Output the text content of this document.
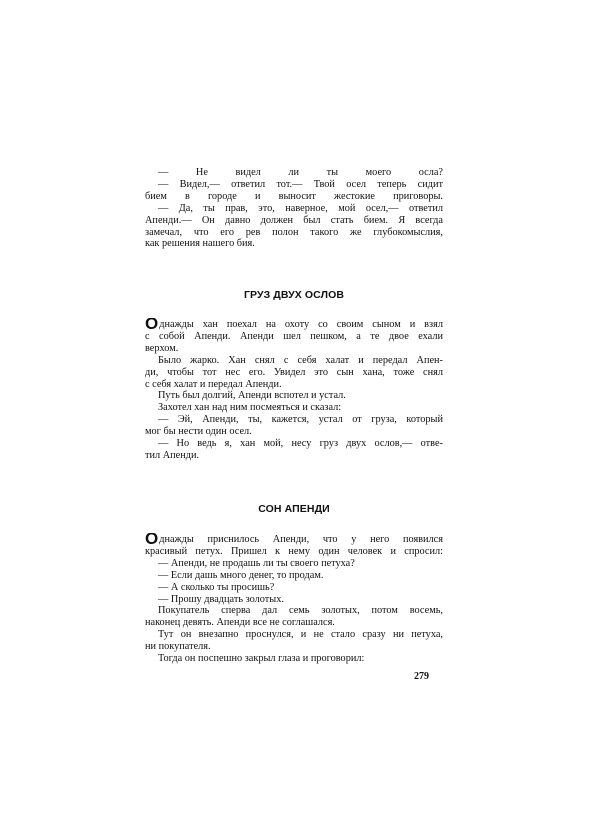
— Не видел ли ты моего осла?
— Видел,— ответил тот.— Твой осел теперь сидит
бием в городе и выносит жестокие приговоры.
— Да, ты прав, это, наверное, мой осел,— ответил
Апенди.— Он давно должен был стать бием. Я всегда
замечал, что его рев полон такого же глубокомыслия,
как решения нашего бия.
ГРУЗ ДВУХ ОСЛОВ
Однажды хан поехал на охоту со своим сыном и взял
с собой Апенди. Апенди шел пешком, а те двое ехали
верхом.
Было жарко. Хан снял с себя халат и передал Апен-
ди, чтобы тот нес его. Увидел это сын хана, тоже снял
с себя халат и передал Апенди.
Путь был долгий, Апенди вспотел и устал.
Захотел хан над ним посмеяться и сказал:
— Эй, Апенди, ты, кажется, устал от груза, который
мог бы нести один осел.
— Но ведь я, хан мой, несу груз двух ослов,— отве-
тил Апенди.
СОН АПЕНДИ
Однажды приснилось Апенди, что у него появился
красивый петух. Пришел к нему один человек и спросил:
— Апенди, не продашь ли ты своего петуха?
— Если дашь много денег, то продам.
— А сколько ты просишь?
— Прошу двадцать золотых.
Покупатель сперва дал семь золотых, потом восемь,
наконец девять. Апенди все не соглашался.
Тут он внезапно проснулся, и не стало сразу ни петуха,
ни покупателя.
Тогда он поспешно закрыл глаза и проговорил:
279
